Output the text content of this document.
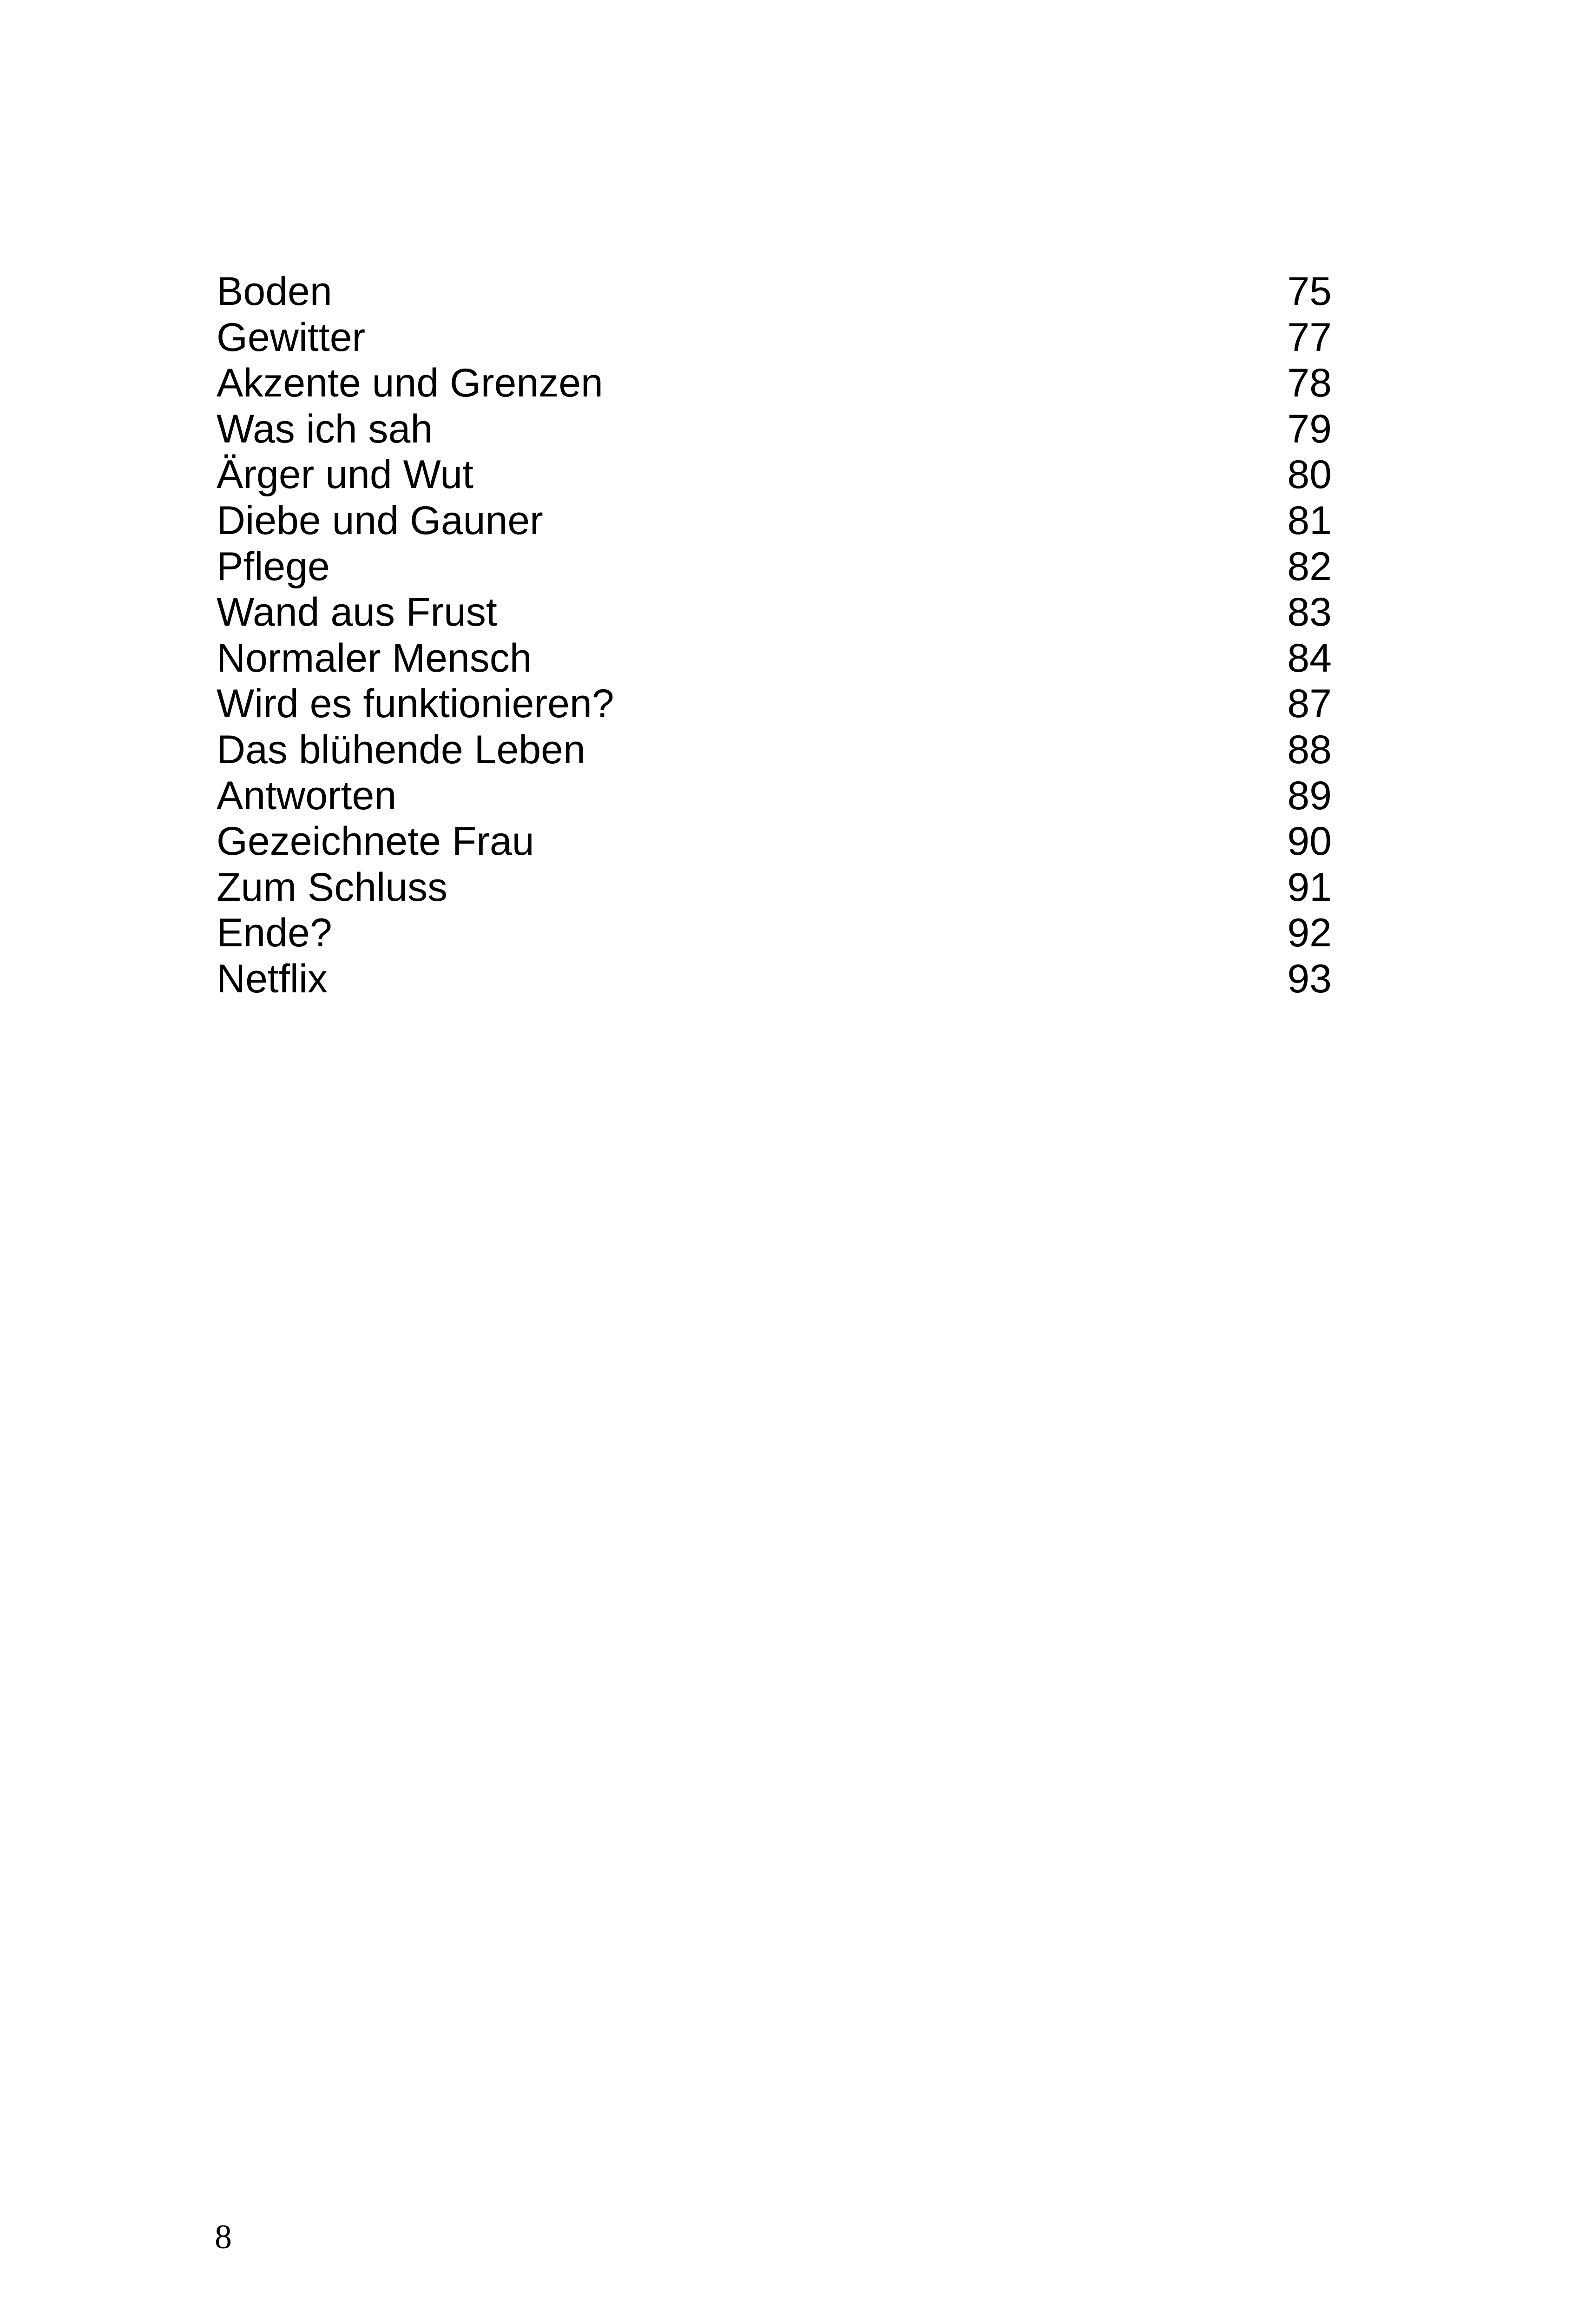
Boden	75
Gewitter	77
Akzente und Grenzen	78
Was ich sah	79
Ärger und Wut	80
Diebe und Gauner	81
Pflege	82
Wand aus Frust	83
Normaler Mensch	84
Wird es funktionieren?	87
Das blühende Leben	88
Antworten	89
Gezeichnete Frau	90
Zum Schluss	91
Ende?	92
Netflix	93
8
